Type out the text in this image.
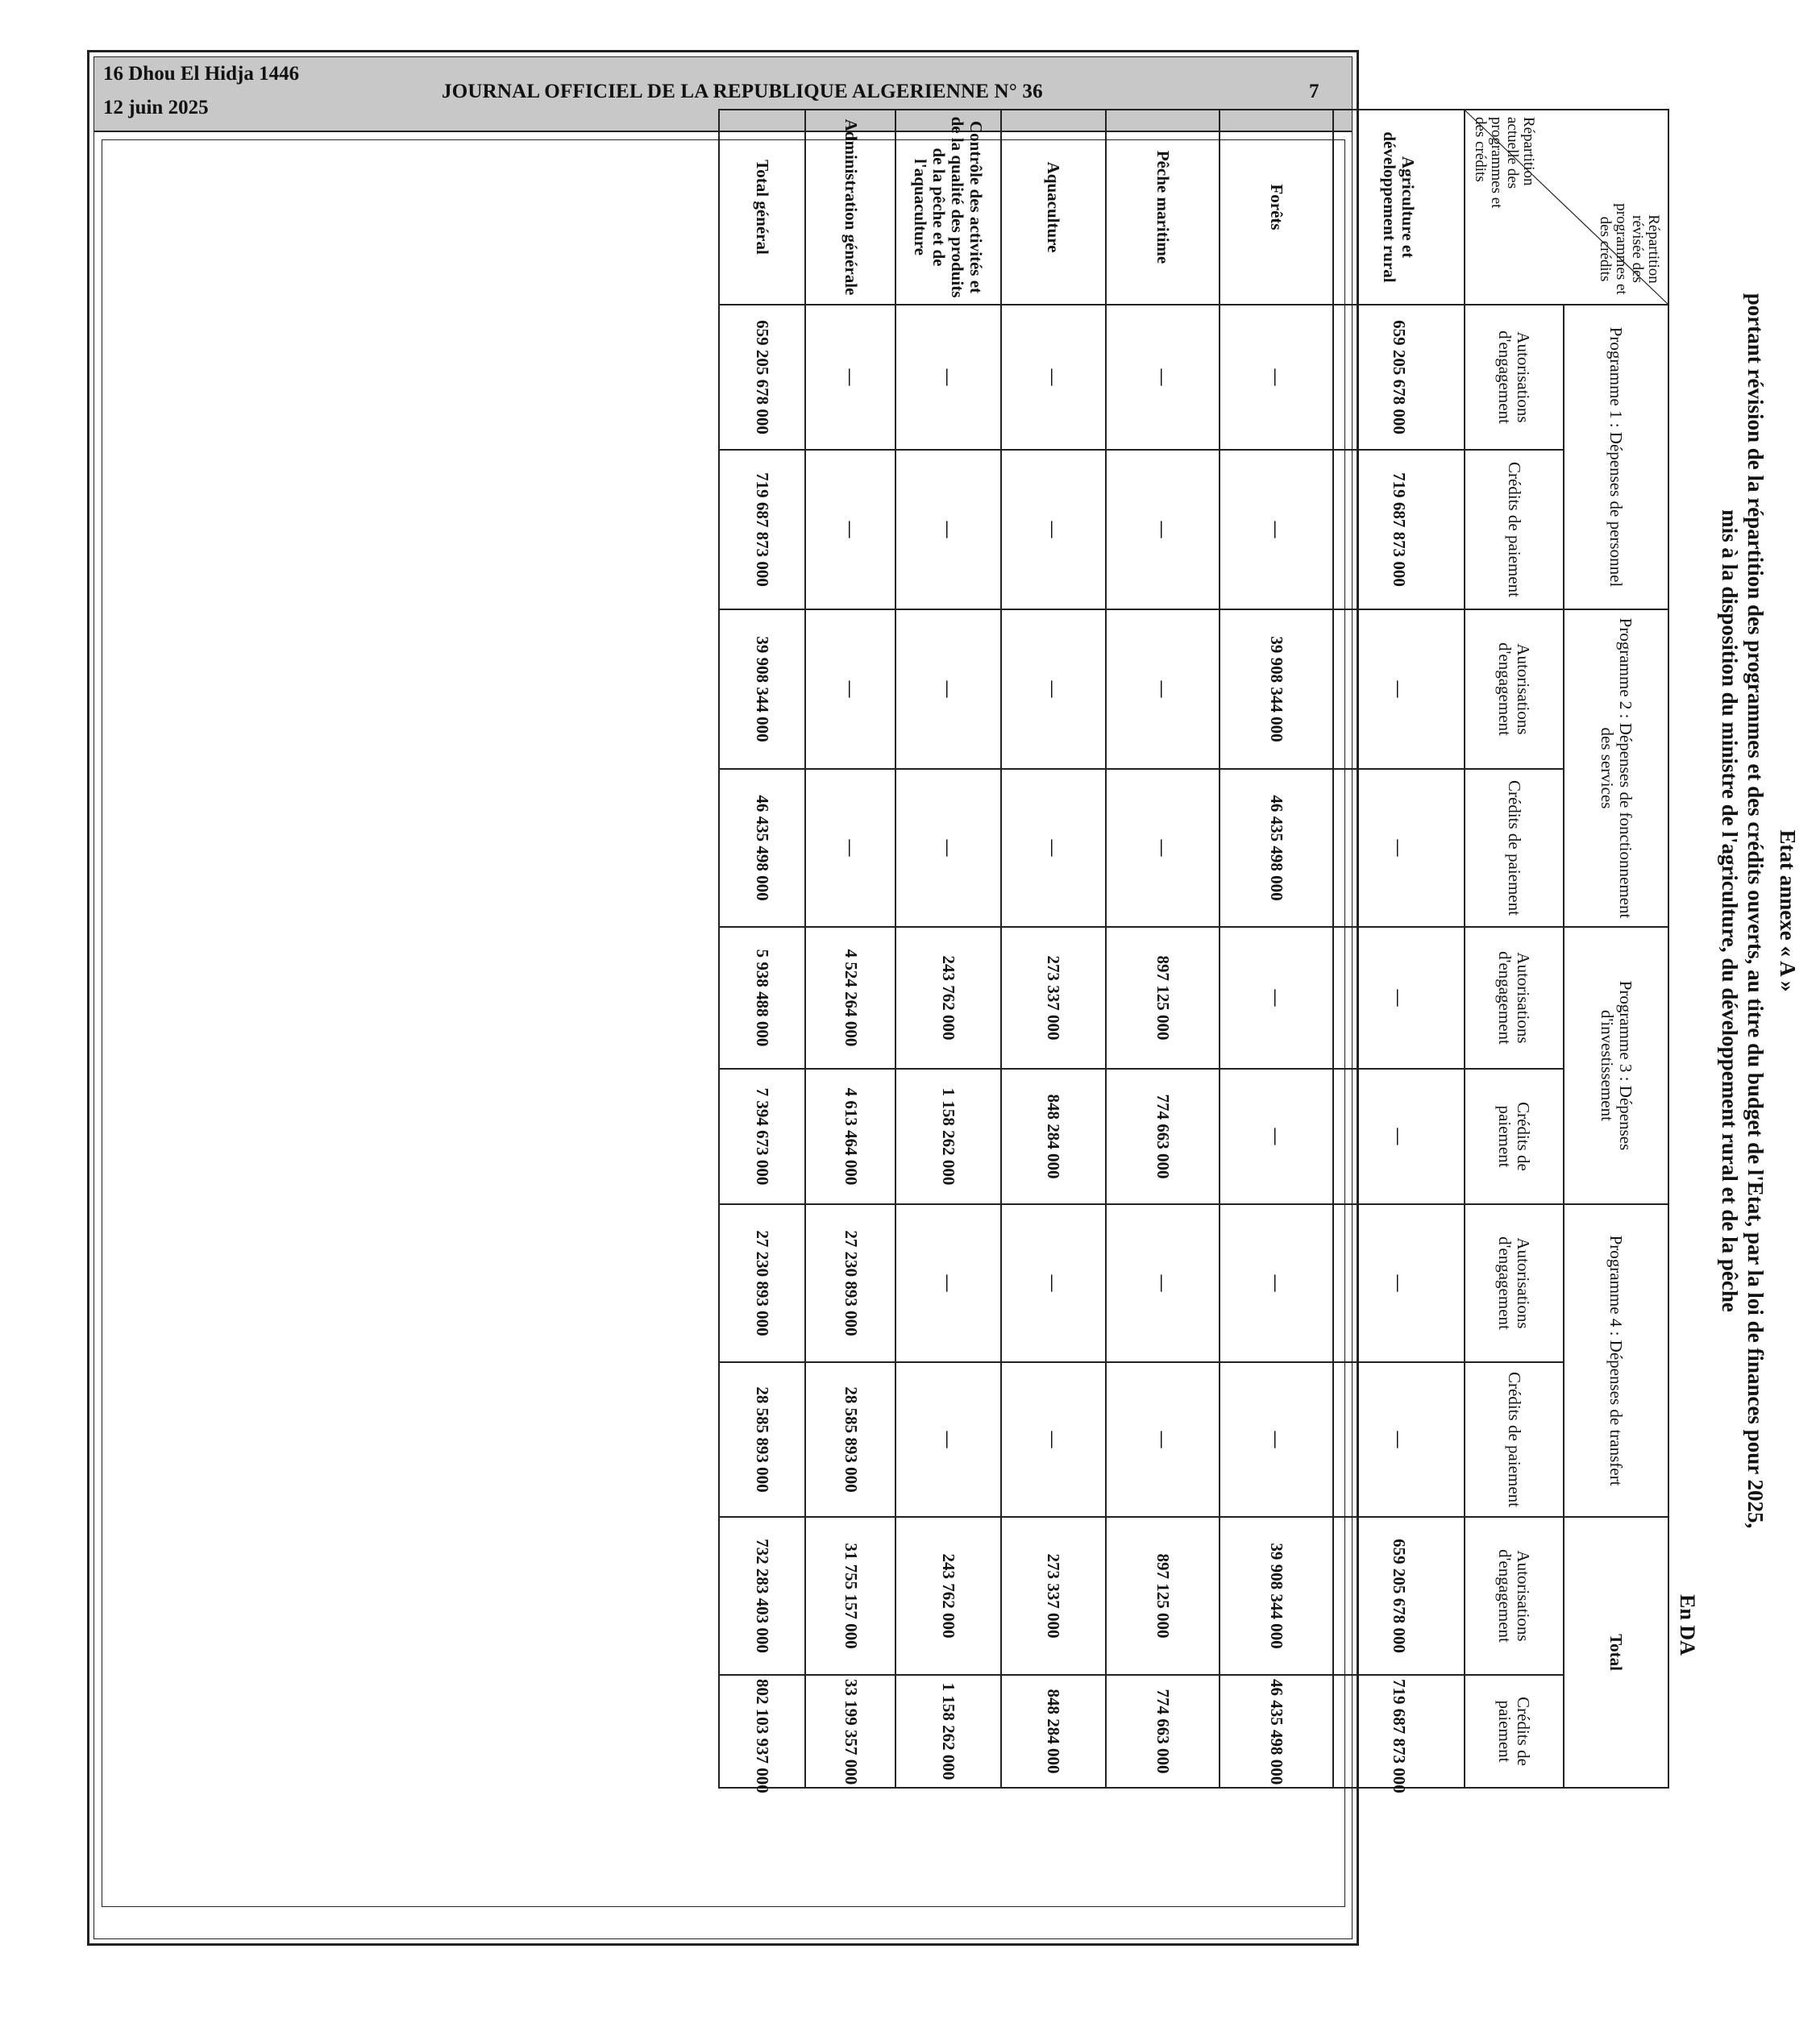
16 Dhou El Hidja 1446
12 juin 2025
JOURNAL OFFICIEL DE LA REPUBLIQUE ALGERIENNE N° 36	7
Etat annexe « A »
portant révision de la répartition des programmes et des crédits ouverts, au titre du budget de l'Etat, par la loi de finances pour 2025,
mis à la disposition du ministre de l'agriculture, du développement rural et de la pêche
En DA
Répartition révisée des programmes et des crédits
Répartition actuelle des programmes et des crédits	Programme 1 : Dépenses de personnel		Programme 2 : Dépenses de fonctionnement des services		Programme 3 : Dépenses d'investissement		Programme 4 : Dépenses de transfert		Total	
	Autorisations d'engagement	Crédits de paiement	Autorisations d'engagement	Crédits de paiement	Autorisations d'engagement	Crédits de paiement	Autorisations d'engagement	Crédits de paiement	Autorisations d'engagement	Crédits de paiement
Agriculture et développement rural	659 205 678 000	719 687 873 000	—	—	—	—	—	—	659 205 678 000	719 687 873 000
Forêts	—	—	39 908 344 000	46 435 498 000	—	—	—	—	39 908 344 000	46 435 498 000
Pêche maritime	—	—	—	—	897 125 000	774 663 000	—	—	897 125 000	774 663 000
Aquaculture	—	—	—	—	273 337 000	848 284 000	—	—	273 337 000	848 284 000
Contrôle des activités et de la qualité des produits de la pêche et de l'aquaculture	—	—	—	—	243 762 000	1 158 262 000	—	—	243 762 000	1 158 262 000
Administration générale	—	—	—	—	4 524 264 000	4 613 464 000	27 230 893 000	28 585 893 000	31 755 157 000	33 199 357 000
Total général	659 205 678 000	719 687 873 000	39 908 344 000	46 435 498 000	5 938 488 000	7 394 673 000	27 230 893 000	28 585 893 000	732 283 403 000	802 103 937 000
